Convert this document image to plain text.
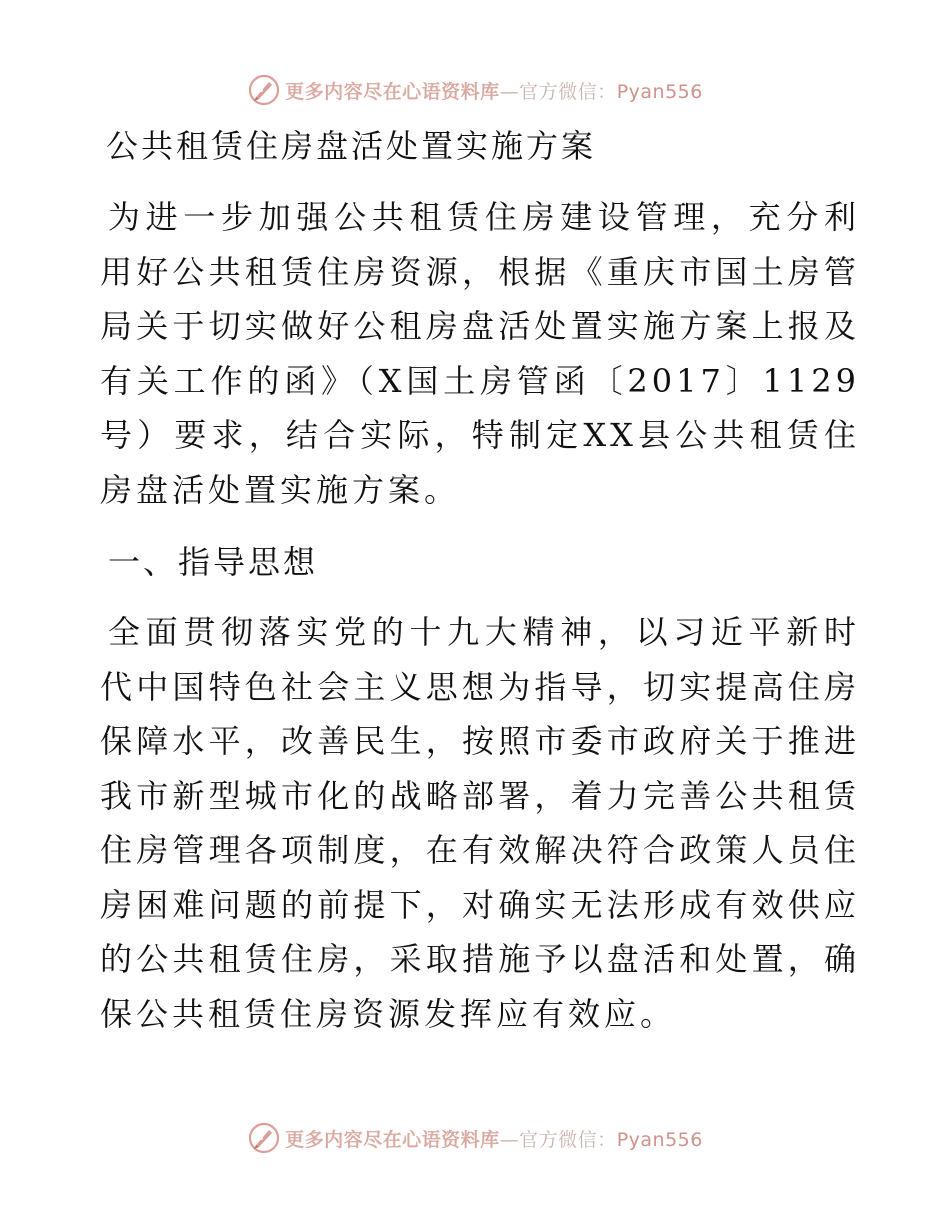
更多内容尽在心语资料库—官方微信：Pyan556
公共租赁住房盘活处置实施方案

为进一步加强公共租赁住房建设管理，充分利用好公共租赁住房资源，根据《重庆市国土房管局关于切实做好公租房盘活处置实施方案上报及有关工作的函》（X国土房管函〔2017〕1129号）要求，结合实际，特制定XX县公共租赁住房盘活处置实施方案。

一、指导思想

全面贯彻落实党的十九大精神，以习近平新时代中国特色社会主义思想为指导，切实提高住房保障水平，改善民生，按照市委市政府关于推进我市新型城市化的战略部署，着力完善公共租赁住房管理各项制度，在有效解决符合政策人员住房困难问题的前提下，对确实无法形成有效供应的公共租赁住房，采取措施予以盘活和处置，确保公共租赁住房资源发挥应有效应。

更多内容尽在心语资料库—官方微信：Pyan556
